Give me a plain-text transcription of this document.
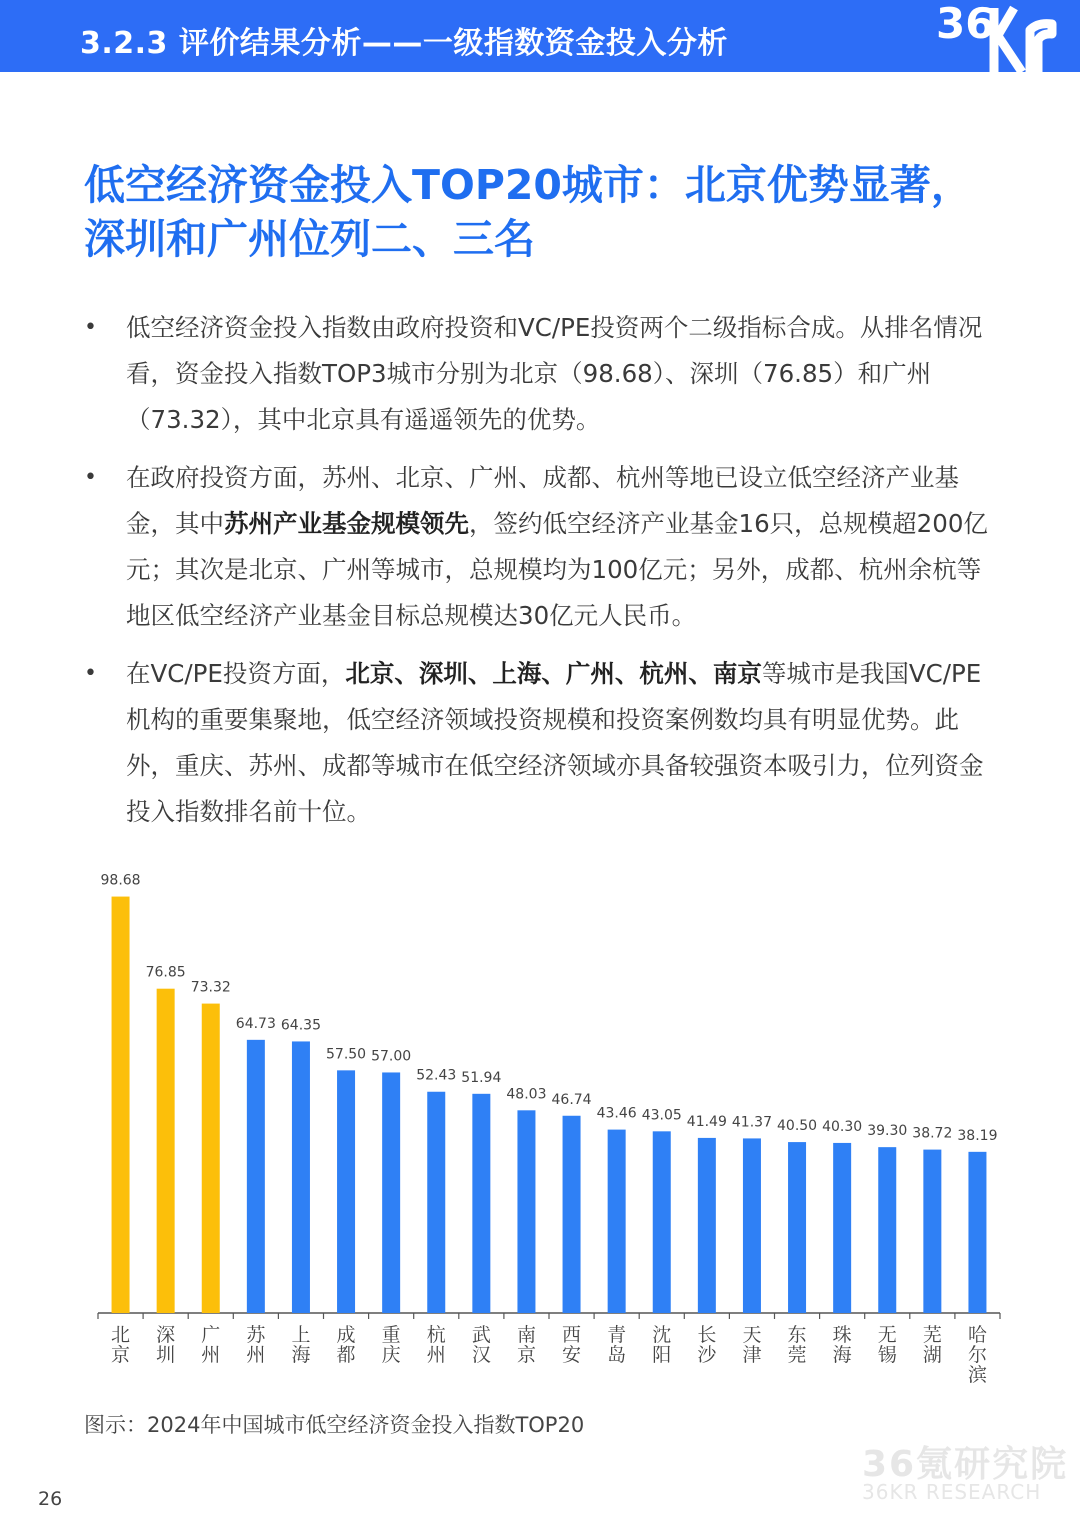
3.2.3 评价结果分析——一级指数资金投入分析	36
低空经济资金投入TOP20城市：北京优势显著，
深圳和广州位列二、三名
• 低空经济资金投入指数由政府投资和VC/PE投资两个二级指标合成。从排名情况看，资金投入指数TOP3城市分别为北京（98.68）、深圳（76.85）和广州（73.32），其中北京具有遥遥领先的优势。
• 在政府投资方面，苏州、北京、广州、成都、杭州等地已设立低空经济产业基金，其中苏州产业基金规模领先，签约低空经济产业基金16只，总规模超200亿元；其次是北京、广州等城市，总规模均为100亿元；另外，成都、杭州余杭等地区低空经济产业基金目标总规模达30亿元人民币。
• 在VC/PE投资方面，北京、深圳、上海、广州、杭州、南京等城市是我国VC/PE机构的重要集聚地，低空经济领域投资规模和投资案例数均具有明显优势。此外，重庆、苏州、成都等城市在低空经济领域亦具备较强资本吸引力，位列资金投入指数排名前十位。
98.68
北京
76.85
深圳
73.32
广州
64.73
苏州
64.35
上海
57.50
成都
57.00
重庆
52.43
杭州
51.94
武汉
48.03
南京
46.74
西安
43.46
青岛
43.05
沈阳
41.49
长沙
41.37
天津
40.50
东莞
40.30
珠海
39.30
无锡
38.72
芜湖
38.19
哈尔滨
图示：2024年中国城市低空经济资金投入指数TOP20
36氪研究院
36KR RESEARCH
26
